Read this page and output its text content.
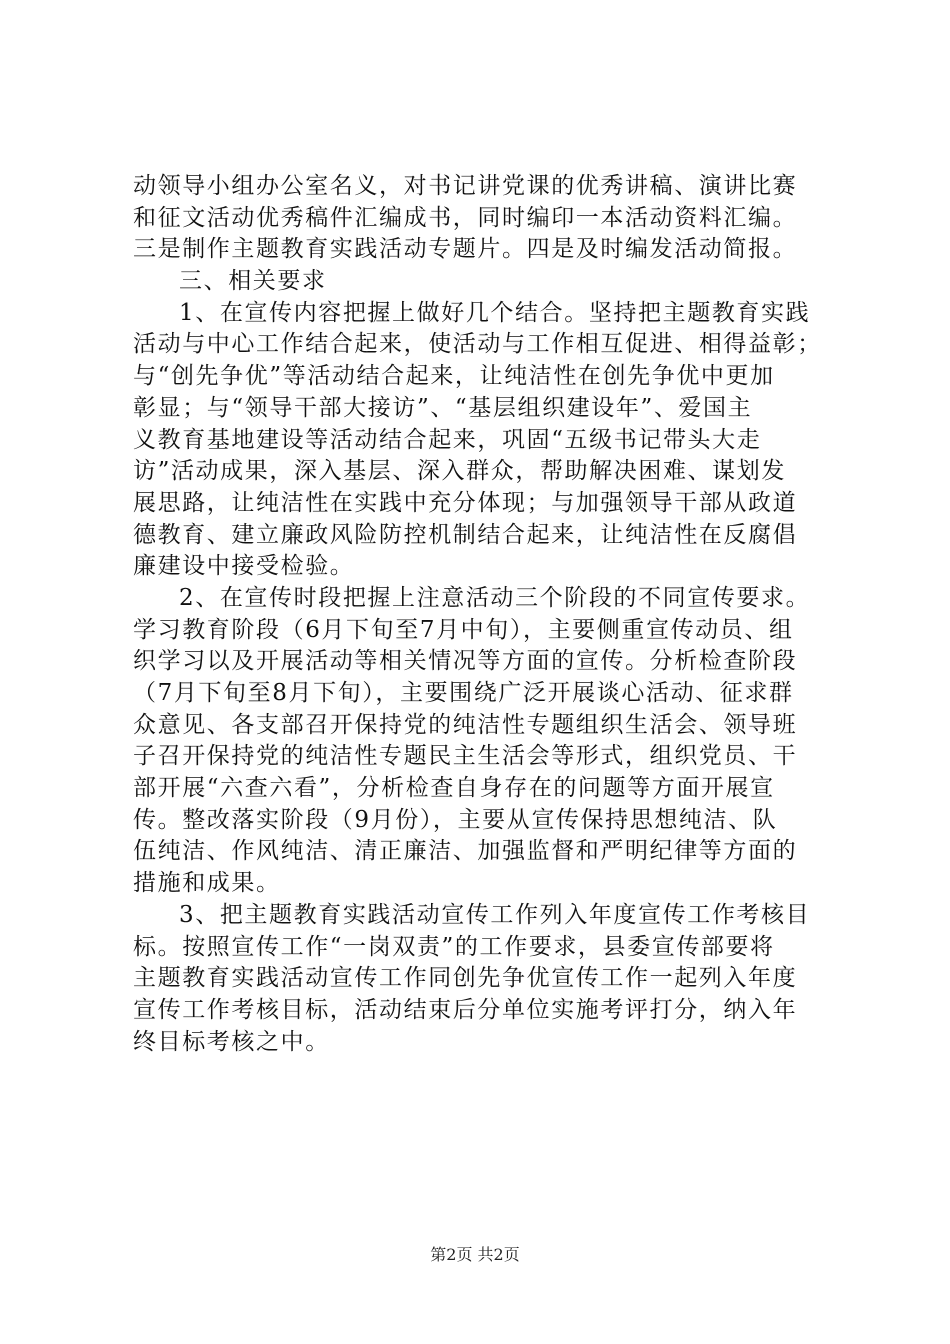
动领导小组办公室名义，对书记讲党课的优秀讲稿、演讲比赛
和征文活动优秀稿件汇编成书，同时编印一本活动资料汇编。
三是制作主题教育实践活动专题片。四是及时编发活动简报。
三、相关要求
1、在宣传内容把握上做好几个结合。坚持把主题教育实践
活动与中心工作结合起来，使活动与工作相互促进、相得益彰；
与“创先争优”等活动结合起来，让纯洁性在创先争优中更加
彰显；与“领导干部大接访”、“基层组织建设年”、爱国主
义教育基地建设等活动结合起来，巩固“五级书记带头大走
访”活动成果，深入基层、深入群众，帮助解决困难、谋划发
展思路，让纯洁性在实践中充分体现；与加强领导干部从政道
德教育、建立廉政风险防控机制结合起来，让纯洁性在反腐倡
廉建设中接受检验。
2、在宣传时段把握上注意活动三个阶段的不同宣传要求。
学习教育阶段（6月下旬至7月中旬），主要侧重宣传动员、组
织学习以及开展活动等相关情况等方面的宣传。分析检查阶段
（7月下旬至8月下旬），主要围绕广泛开展谈心活动、征求群
众意见、各支部召开保持党的纯洁性专题组织生活会、领导班
子召开保持党的纯洁性专题民主生活会等形式，组织党员、干
部开展“六查六看”，分析检查自身存在的问题等方面开展宣
传。整改落实阶段（9月份），主要从宣传保持思想纯洁、队
伍纯洁、作风纯洁、清正廉洁、加强监督和严明纪律等方面的
措施和成果。
3、把主题教育实践活动宣传工作列入年度宣传工作考核目
标。按照宣传工作“一岗双责”的工作要求，县委宣传部要将
主题教育实践活动宣传工作同创先争优宣传工作一起列入年度
宣传工作考核目标，活动结束后分单位实施考评打分，纳入年
终目标考核之中。
第2页 共2页
